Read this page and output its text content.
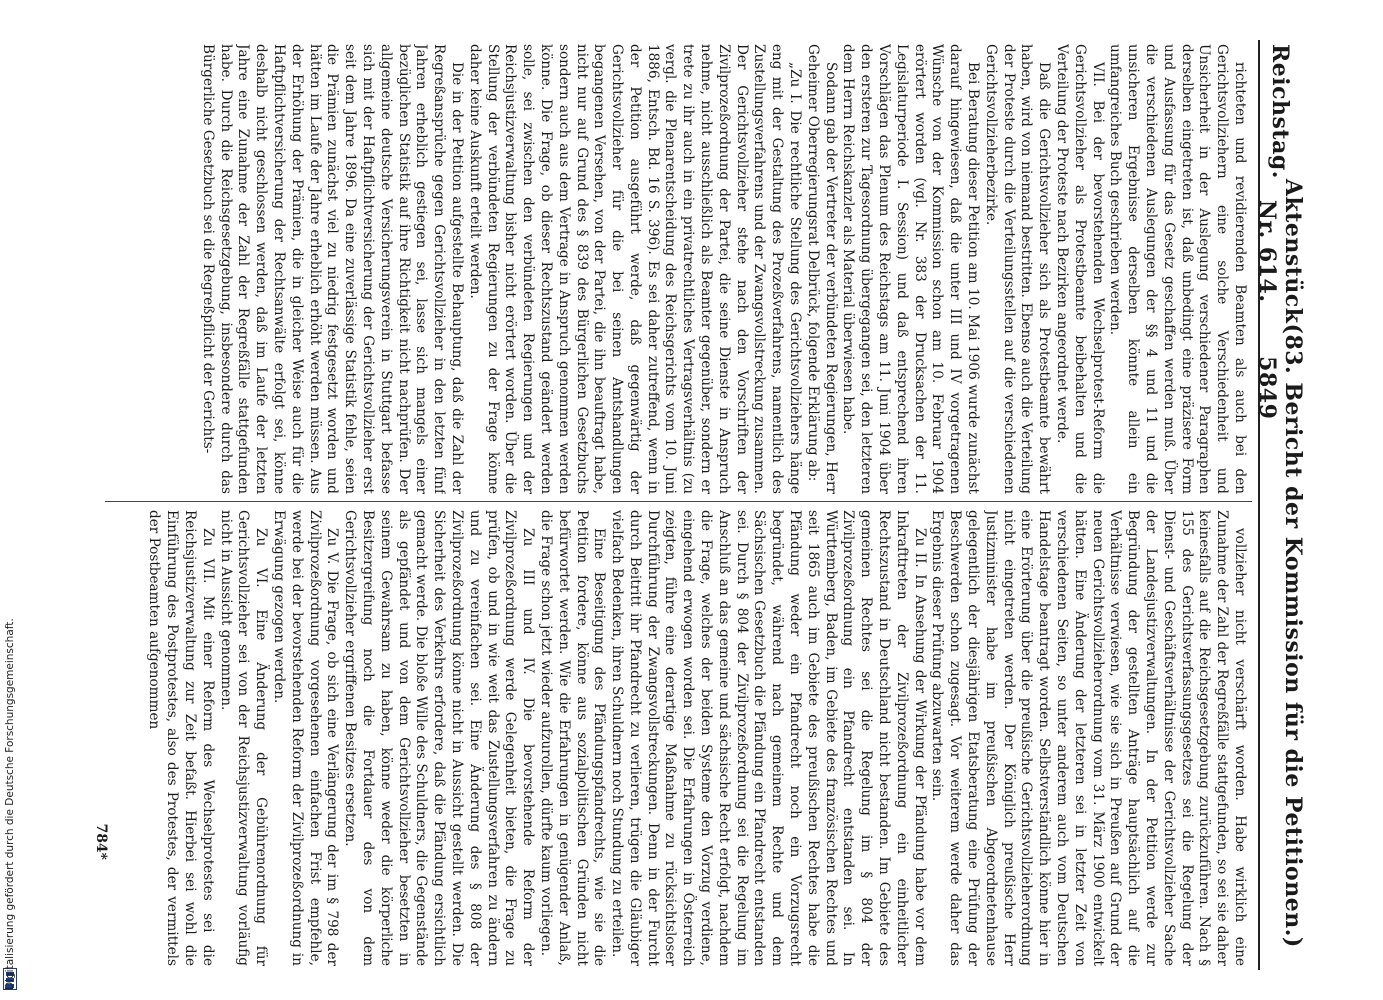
Digitalisierung gefördert durch die Deutsche Forschungsgemeinschaft.
Reichstag.
Aktenstück Nr. 614.
(83. Bericht der Kommission für die Petitionen.)     5849

richteten und revidierenden Beamten als auch bei den Gerichtsvollziehern eine solche Verschiedenheit und Unsicherheit in der Auslegung verschiedener Paragraphen derselben eingetreten ist, daß unbedingt eine präzisere Form und Ausfassung für das Gesetz geschaffen werden muß. Über die verschiedenen Auslegungen der §§ 4 und 11 und die unsicheren Ergebnisse derselben könnte allein ein umfangreiches Buch geschrieben werden.

VII. Bei der bevorstehenden Wechselprotest-Reform die Gerichtsvollzieher als Protestbeamte beibehalten und die Verteilung der Proteste nach Bezirken angeordnet werde.

Daß die Gerichtsvollzieher sich als Protestbeamte bewährt haben, wird von niemand bestritten. Ebenso auch die Verteilung der Proteste durch die Verteilungsstellen auf die verschiedenen Gerichtsvollzieherbezirke.

Bei Beratung dieser Petition am 10. Mai 1906 wurde zunächst darauf hingewiesen, daß die unter III und IV vorgetragenen Wünsche von der Kommission schon am 10. Februar 1904 erörtert worden (vgl. Nr. 383 der Drucksachen der 11. Legislaturperiode I. Session) und daß entsprechend ihren Vorschlägen das Plenum des Reichstags am 11. Juni 1904 über den ersteren zur Tagesordnung übergegangen sei, den letzteren dem Herrn Reichskanzler als Material überwiesen habe.

Sodann gab der Vertreter der verbündeten Regierungen, Herr Geheimer Oberregierungsrat Delbrück, folgende Erklärung ab:

„Zu I. Die rechtliche Stellung des Gerichtsvollziehers hänge eng mit der Gestaltung des Prozeßverfahrens, namentlich des Zustellungsverfahrens und der Zwangsvollstreckung zusammen. Der Gerichtsvollzieher stehe nach den Vorschriften der Zivilprozeßordnung der Partei, die seine Dienste in Anspruch nehme, nicht ausschließlich als Beamter gegenüber, sondern er trete zu ihr auch in ein privatrechtliches Vertragsverhältnis (zu vergl. die Plenarentscheidung des Reichsgerichts vom 10. Juni 1886, Entsch. Bd. 16 S. 396). Es sei daher zutreffend, wenn in der Petition ausgeführt werde, daß gegenwärtig der Gerichtsvollzieher für die bei seinen Amtshandlungen begangenen Versehen, von der Partei, die ihn beauftragt habe, nicht nur auf Grund des § 839 des Bürgerlichen Gesetzbuchs sondern auch aus dem Vertrage in Anspruch genommen werden könne. Die Frage, ob dieser Rechtszustand geändert werden solle, sei zwischen den verbündeten Regierungen und der Reichsjustizverwaltung bisher nicht erörtert worden. Über die Stellung der verbündeten Regierungen zu der Frage könne daher keine Auskunft erteilt werden.

Die in der Petition aufgestellte Behauptung, daß die Zahl der Regreßansprüche gegen Gerichtsvollzieher in den letzten fünf Jahren erheblich gestiegen sei, lasse sich mangels einer bezüglichen Statistik auf ihre Richtigkeit nicht nachprüfen. Der allgemeine deutsche Versicherungsverein in Stuttgart befasse sich mit der Haftpflichtversicherung der Gerichtsvollzieher erst seit dem Jahre 1896. Da eine zuverlässige Statistik fehle, seien die Prämien zunächst viel zu niedrig festgesetzt worden und hätten im Laufe der Jahre erheblich erhöht werden müssen. Aus der Erhöhung der Prämien, die in gleicher Weise auch für die Haftpflichtversicherung der Rechtsanwälte erfolgt sei, könne deshalb nicht geschlossen werden, daß im Laufe der letzten Jahre eine Zunahme der Zahl der Regreßfälle stattgefunden habe. Durch die Reichsgesetzgebung, insbesondere durch das Bürgerliche Gesetzbuch sei die Regreßpflicht der Gerichts-

vollzieher nicht verschärft worden. Habe wirklich eine Zunahme der Zahl der Regreßfälle stattgefunden, so sei sie daher keinesfalls auf die Reichsgesetzgebung zurückzuführen. Nach § 155 des Gerichtsverfassungsgesetzes sei die Regelung der Dienst- und Geschäftsverhältnisse der Gerichtsvollzieher Sache der Landesjustizverwaltungen. In der Petition werde zur Begründung der gestellten Anträge hauptsächlich auf die Verhältnisse verwiesen, wie sie sich in Preußen auf Grund der neuen Gerichtsvollzieherordnung vom 31. März 1900 entwickelt hätten. Eine Änderung der letzteren sei in letzter Zeit von verschiedenen Seiten, so unter anderem auch vom Deutschen Handelstage beantragt worden. Selbstverständlich könne hier in eine Erörterung über die preußische Gerichtsvollzieherordnung nicht eingetreten werden. Der Königlich preußische Herr Justizminister habe im preußischen Abgeordnetenhause gelegentlich der diesjährigen Etatsberatung eine Prüfung der Beschwerden schon zugesagt. Vor weiterem werde daher das Ergebnis dieser Prüfung abzuwarten sein.

Zu II. In Ansehung der Wirkung der Pfändung habe vor dem Inkrafttreten der Zivilprozeßordnung ein einheitlicher Rechtszustand in Deutschland nicht bestanden. Im Gebiete des gemeinen Rechtes sei die Regelung im § 804 der Zivilprozeßordnung ein Pfandrecht entstanden sei. In Württemberg, Baden, im Gebiete des französischen Rechtes und seit 1865 auch im Gebiete des preußischen Rechtes habe die Pfändung weder ein Pfandrecht noch ein Vorzugsrecht begründet, während nach gemeinem Rechte und dem Sächsischen Gesetzbuch die Pfändung ein Pfandrecht entstanden sei. Durch § 804 der Zivilprozeßordnung sei die Regelung im Anschluß an das gemeine und sächsische Recht erfolgt, nachdem die Frage, welches der beiden Systeme den Vorzug verdiene, eingehend erwogen worden sei. Die Erfahrungen in Österreich zeigten, führe eine derartige Maßnahme zu rücksichtsloser Durchführung der Zwangsvollstreckungen. Denn in der Furcht durch Beitritt ihr Pfandrecht zu verlieren, trügen die Gläubiger vielfach Bedenken, ihren Schuldnern noch Stundung zu erteilen.

Eine Beseitigung des Pfändungspfandrechts, wie sie die Petition fordere, könne aus sozialpolitischen Gründen nicht befürwortet werden. Wie die Erfahrungen in genügender Anlaß, die Frage schon jetzt wieder aufzurollen, dürfte kaum vorliegen.

Zu III und IV. Die bevorstehende Reform der Zivilprozeßordnung werde Gelegenheit bieten, die Frage zu prüfen, ob und in wie weit das Zustellungsverfahren zu ändern und zu vereinfachen sei. Eine Änderung des § 808 der Zivilprozeßordnung könne nicht in Aussicht gestellt werden. Die Sicherheit des Verkehrs erfordere, daß die Pfändung ersichtlich gemacht werde. Die bloße Wille des Schuldners, die Gegenstände als gepfändet und von dem Gerichtsvollzieher besetzten in seinem Gewahrsam zu haben, könne weder die körperliche Besitzergreifung noch die Fortdauer des von dem Gerichtsvollzieher ergriffenen Besitzes ersetzen.

Zu V. Die Frage, ob sich eine Verlängerung der im § 798 der Zivilprozeßordnung vorgesehenen einfachen Frist empfehle, werde bei der bevorstehenden Reform der Zivilprozeßordnung in Erwägung gezogen werden.

Zu VI. Eine Änderung der Gebührenordnung für Gerichtsvollzieher sei von der Reichsjustizverwaltung vorläufig nicht in Aussicht genommen.

Zu VII. Mit einer Reform des Wechselprotestes sei die Reichsjustizverwaltung zur Zeit befaßt. Hierbei sei wohl die Einführung des Postprotestes, also des Protestes, der vermittels der Postbeamten aufgenommen

784*
